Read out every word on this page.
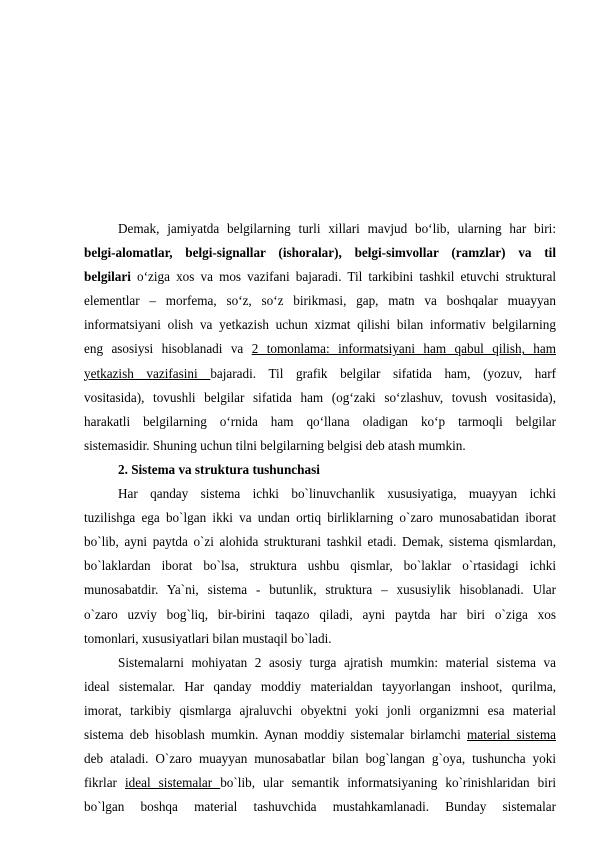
Demak, jamiyatda belgilarning turli xillari mavjud bo‘lib, ularning har biri:
belgi-alomatlar, belgi-signallar (ishoralar), belgi-simvollar (ramzlar) va til
belgilari o‘ziga xos va mos vazifani bajaradi. Til tarkibini tashkil etuvchi struktural
elementlar – morfema, so‘z, so‘z birikmasi, gap, matn va boshqalar muayyan
informatsiyani olish va yetkazish uchun xizmat qilishi bilan informativ belgilarning
eng asosiysi hisoblanadi va 2 tomonlama: informatsiyani ham qabul qilish, ham
yetkazish vazifasini bajaradi. Til grafik belgilar sifatida ham, (yozuv, harf
vositasida), tovushli belgilar sifatida ham (og‘zaki so‘zlashuv, tovush vositasida),
harakatli belgilarning o‘rnida ham qo‘llana oladigan ko‘p tarmoqli belgilar
sistemasidir. Shuning uchun tilni belgilarning belgisi deb atash mumkin.
2. Sistema va struktura tushunchasi
Har qanday sistema ichki bo`linuvchanlik xususiyatiga, muayyan ichki
tuzilishga ega bo`lgan ikki va undan ortiq birliklarning o`zaro munosabatidan iborat
bo`lib, ayni paytda o`zi alohida strukturani tashkil etadi. Demak, sistema qismlardan,
bo`laklardan iborat bo`lsa, struktura ushbu qismlar, bo`laklar o`rtasidagi ichki
munosabatdir. Ya`ni, sistema - butunlik, struktura – xususiylik hisoblanadi. Ular
o`zaro uzviy bog`liq, bir-birini taqazo qiladi, ayni paytda har biri o`ziga xos
tomonlari, xususiyatlari bilan mustaqil bo`ladi.
Sistemalarni mohiyatan 2 asosiy turga ajratish mumkin: material sistema va
ideal sistemalar. Har qanday moddiy materialdan tayyorlangan inshoot, qurilma,
imorat, tarkibiy qismlarga ajraluvchi obyektni yoki jonli organizmni esa material
sistema deb hisoblash mumkin. Aynan moddiy sistemalar birlamchi material sistema
deb ataladi. O`zaro muayyan munosabatlar bilan bog`langan g`oya, tushuncha yoki
fikrlar ideal sistemalar bo`lib, ular semantik informatsiyaning ko`rinishlaridan biri
bo`lgan boshqa material tashuvchida mustahkamlanadi. Bunday sistemalar
